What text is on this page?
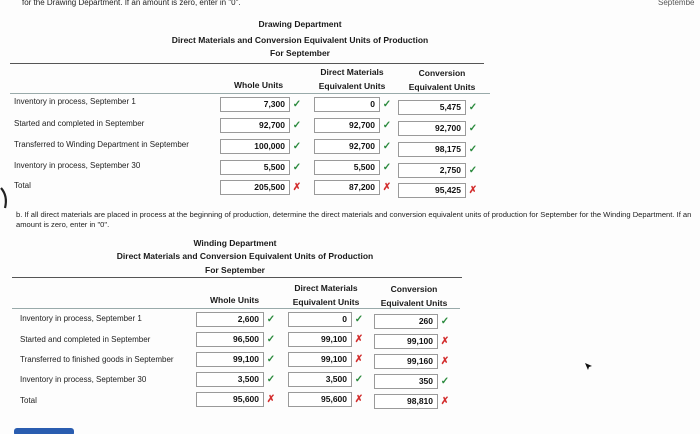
for the Drawing Department. If an amount is zero, enter in "0".	Septembe
Drawing Department
Direct Materials and Conversion Equivalent Units of Production
For September
Whole Units
Direct Materials
Equivalent Units
Conversion
Equivalent Units
Inventory in process, September 1
Started and completed in September
Transferred to Winding Department in September
Inventory in process, September 30
Total
7,300 ✓
92,700 ✓
100,000 ✓
5,500 ✓
205,500 ✗
0 ✓
92,700 ✓
92,700 ✓
5,500 ✓
87,200 ✗
5,475 ✓
92,700 ✓
98,175 ✓
2,750 ✓
95,425 ✗
b. If all direct materials are placed in process at the beginning of production, determine the direct materials and conversion equivalent units of production for September for the Winding Department. If an amount is zero, enter in "0".
Winding Department
Direct Materials and Conversion Equivalent Units of Production
For September
Whole Units
Direct Materials
Equivalent Units
Conversion
Equivalent Units
Inventory in process, September 1
Started and completed in September
Transferred to finished goods in September
Inventory in process, September 30
Total
2,600 ✓
96,500 ✓
99,100 ✓
3,500 ✓
95,600 ✗
0 ✓
99,100 ✗
99,100 ✗
3,500 ✓
95,600 ✗
260 ✓
99,100 ✗
99,160 ✗
350 ✓
98,810 ✗
